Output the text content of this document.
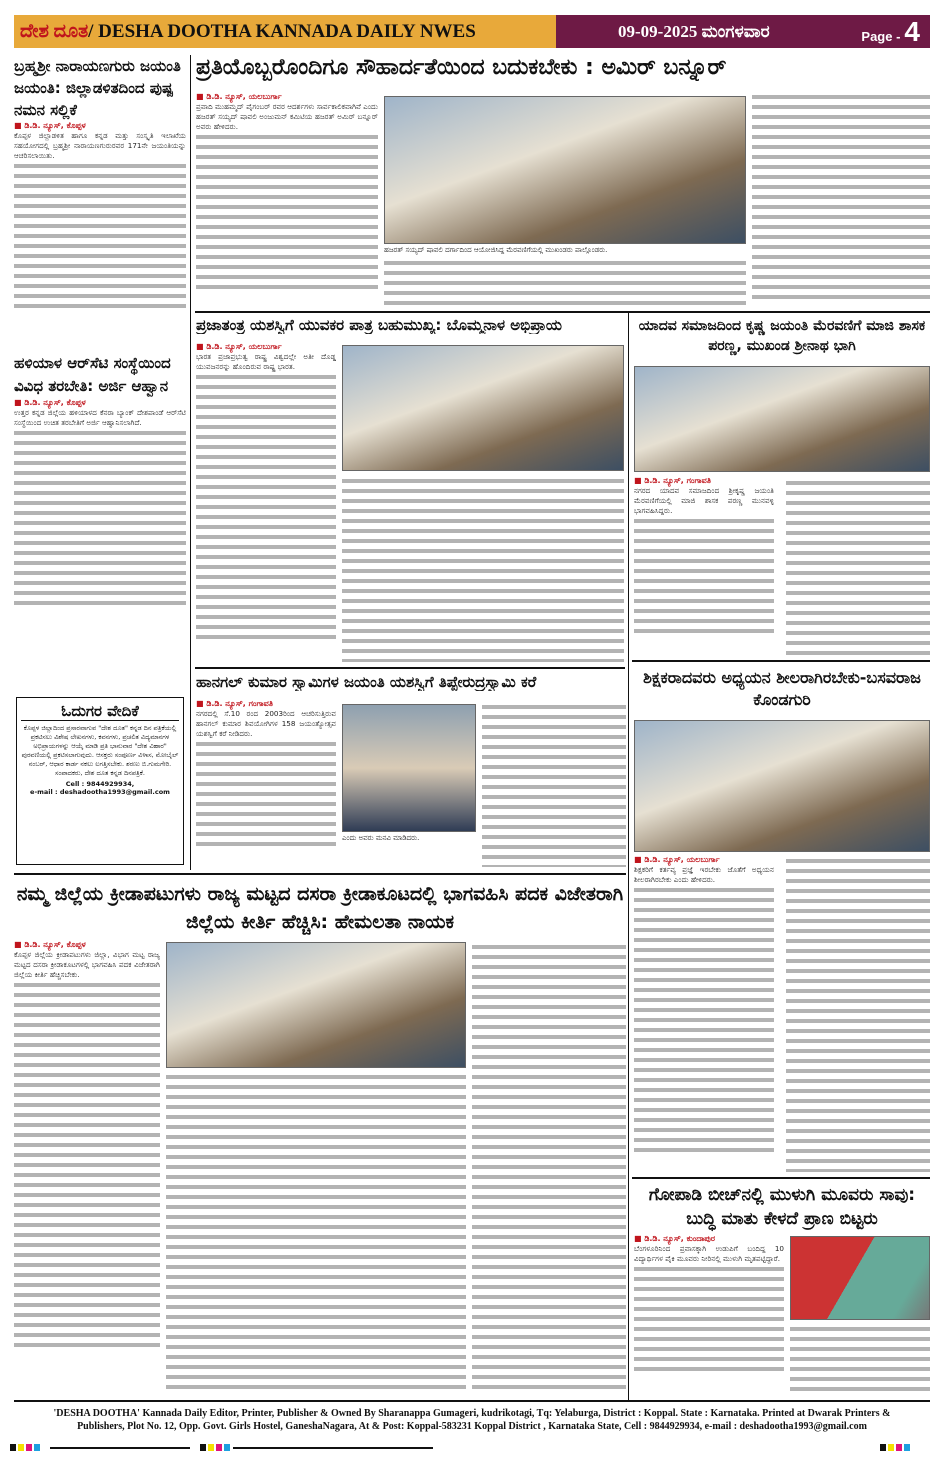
ದೇಶ ದೂತ / DESHA DOOTHA KANNADA DAILY NWES	09-09-2025 ಮಂಗಳವಾರ	Page - 4
ಬ್ರಹ್ಮಶ್ರೀ ನಾರಾಯಣಗುರು ಜಯಂತಿ ಜಯಂತಿ: ಜಿಲ್ಲಾಡಳಿತದಿಂದ ಪುಷ್ಪ ನಮನ ಸಲ್ಲಿಕೆ
■ ಡಿ.ಡಿ. ನ್ಯೂಸ್, ಕೊಪ್ಪಳ
ಕೊಪ್ಪಳ ಜಿಲ್ಲಾಡಳಿತ ಹಾಗೂ ಕನ್ನಡ ಮತ್ತು ಸಂಸ್ಕೃತಿ ಇಲಾಖೆಯ ಸಹಯೋಗದಲ್ಲಿ ಬ್ರಹ್ಮಶ್ರೀ ನಾರಾಯಣಗುರುರವರ 171ನೇ ಜಯಂತಿಯನ್ನು ಆಚರಿಸಲಾಯಿತು.
ಹಳಿಯಾಳ ಆರ್‌ಸೆಟಿ ಸಂಸ್ಥೆಯಿಂದ ವಿವಿಧ ತರಬೇತಿ: ಅರ್ಜಿ ಆಹ್ವಾನ
■ ಡಿ.ಡಿ. ನ್ಯೂಸ್, ಕೊಪ್ಪಳ
ಉತ್ತರ ಕನ್ನಡ ಜಿಲ್ಲೆಯ ಹಳಿಯಾಳದ ಕೆನರಾ ಬ್ಯಾಂಕ್ ದೇಶಪಾಂಡೆ ಆರ್‌ಸೆಟಿ ಸಂಸ್ಥೆಯಿಂದ ಉಚಿತ ತರಬೇತಿಗೆ ಅರ್ಜಿ ಆಹ್ವಾನಿಸಲಾಗಿದೆ.
ಓದುಗರ ವೇದಿಕೆ
ಕೊಪ್ಪಳ ಜಿಲ್ಲಾದಿಂದ ಪ್ರಸಾರವಾಗುವ "ದೇಶ ದೂತ" ಕನ್ನಡ ದಿನ ಪತ್ರಿಕೆಯಲ್ಲಿ ಪ್ರಕಟಿಸಲು ವಿಶೇಷ ಲೇಖನಗಳು, ಕವನಗಳು, ಪ್ರಚಲಿತ ವಿದ್ಯಮಾನಗಳ ಅಭಿಪ್ರಾಯಗಳನ್ನು ಆಯ್ಕೆ ಮಾಡಿ ಪ್ರತಿ ಭಾನುವಾರ "ದೇಶ ವಿಹಾರ" ಪುರವಣಿಯಲ್ಲಿ ಪ್ರಕಟಿಸಲಾಗುವುದು. ಆಸಕ್ತರು ಸಂಪೂರ್ಣ ವಿಳಾಸ, ಮೋಬೈಲ್ ನಂಬರ್, ಆಧಾರ ಕಾರ್ಡ ನಕಲು ಲಗತ್ತಿಸಬೇಕು. ಶರಣು ಬಿ.ಗುಮಗೇರಿ. ಸಂಪಾದಕರು, ದೇಶ ದೂತ ಕನ್ನಡ ದಿನಪತ್ರಿಕೆ.
Cell : 9844929934,
e-mail : deshadootha1993@gmail.com
ಪ್ರತಿಯೊಬ್ಬರೊಂದಿಗೂ ಸೌಹಾರ್ದತೆಯಿಂದ ಬದುಕಬೇಕು : ಅಮಿರ್ ಬನ್ನೂರ್
■ ಡಿ.ಡಿ. ನ್ಯೂಸ್, ಯಲಬುರ್ಗಾ
ಪ್ರವಾದಿ ಮುಹಮ್ಮದ್ ಪೈಗಂಬರ್ ರವರ ಆದರ್ಶಗಳು ಸಾರ್ವಕಾಲಿಕವಾಗಿವೆ ಎಂದು ಹಜರತ್ ಸಯ್ಯದ್ ಷಾವಲಿ ಅಂಜುಮನ್ ಕಮಿಟಿಯ ಹಜರತ್ ಅಮಿರ್ ಬನ್ನೂರ್ ಅವರು ಹೇಳಿದರು.
ಹಜರತ್ ಸಯ್ಯದ್ ಷಾವಲಿ ದರ್ಗಾದಿಂದ ಆಯೋಜಿಸಿದ್ದ ಮೆರವಣಿಗೆಯಲ್ಲಿ ಮುಖಂಡರು ಪಾಲ್ಗೊಂಡರು.
ಪ್ರಜಾತಂತ್ರ ಯಶಸ್ವಿಗೆ ಯುವಕರ ಪಾತ್ರ ಬಹುಮುಖ್ಯ: ಬೊಮ್ಮನಾಳ ಅಭಿಪ್ರಾಯ
■ ಡಿ.ಡಿ. ನ್ಯೂಸ್, ಯಲಬುರ್ಗಾ
ಭಾರತ ಪ್ರಜಾಪ್ರಭುತ್ವ ರಾಷ್ಟ್ರ ವಿಶ್ವದಲ್ಲೇ ಅತೀ ದೊಡ್ಡ ಯುವಜನರನ್ನು ಹೊಂದಿರುವ ರಾಷ್ಟ್ರ ಭಾರತ.
ಯಾದವ ಸಮಾಜದಿಂದ ಕೃಷ್ಣ ಜಯಂತಿ ಮೆರವಣಿಗೆ ಮಾಜಿ ಶಾಸಕ ಪರಣ್ಣ, ಮುಖಂಡ ಶ್ರೀನಾಥ ಭಾಗಿ
■ ಡಿ.ಡಿ. ನ್ಯೂಸ್, ಗಂಗಾವತಿ
ನಗರದ ಯಾದವ ಸಮಾಜದಿಂದ ಶ್ರೀಕೃಷ್ಣ ಜಯಂತಿ ಮೆರವಣಿಗೆಯಲ್ಲಿ ಮಾಜಿ ಶಾಸಕ ಪರಣ್ಣ ಮುನವಳ್ಳಿ ಭಾಗವಹಿಸಿದ್ದರು.
ಹಾನಗಲ್ ಕುಮಾರ ಸ್ವಾಮಿಗಳ ಜಯಂತಿ ಯಶಸ್ವಿಗೆ ತಿಪ್ಪೇರುದ್ರಸ್ವಾಮಿ ಕರೆ
■ ಡಿ.ಡಿ. ನ್ಯೂಸ್, ಗಂಗಾವತಿ
ನಗರದಲ್ಲಿ ಸೆ.10 ರಂದ 2003ರಿಂದ ಆಚರಿಸುತ್ತಿರುವ ಹಾನಗಲ್ ಕುಮಾರ ಶಿವಯೋಗಿಗಳ 158 ಜಯಂತ್ಯೋತ್ಸವ ಯಶಸ್ವಿಗೆ ಕರೆ ನೀಡಿದರು.
ಎಂದು ಅವರು ಮನವಿ ಮಾಡಿದರು.
ಶಿಕ್ಷಕರಾದವರು ಅಧ್ಯಯನ ಶೀಲರಾಗಿರಬೇಕು-ಬಸವರಾಜ ಕೊಂಡಗುರಿ
■ ಡಿ.ಡಿ. ನ್ಯೂಸ್, ಯಲಬುರ್ಗಾ
ಶಿಕ್ಷಕರಿಗೆ ಕರ್ತವ್ಯ ಪ್ರಜ್ಞೆ ಇರಬೇಕು ಜೊತೆಗೆ ಅಧ್ಯಯನ ಶೀಲರಾಗಿರಬೇಕು ಎಂದು ಹೇಳಿದರು.
ನಮ್ಮ ಜಿಲ್ಲೆಯ ಕ್ರೀಡಾಪಟುಗಳು ರಾಜ್ಯ ಮಟ್ಟದ ದಸರಾ ಕ್ರೀಡಾಕೂಟದಲ್ಲಿ ಭಾಗವಹಿಸಿ ಪದಕ ವಿಜೇತರಾಗಿ ಜಿಲ್ಲೆಯ ಕೀರ್ತಿ ಹೆಚ್ಚಿಸಿ: ಹೇಮಲತಾ ನಾಯಕ
■ ಡಿ.ಡಿ. ನ್ಯೂಸ್, ಕೊಪ್ಪಳ
ಕೊಪ್ಪಳ ಜಿಲ್ಲೆಯ ಕ್ರೀಡಾಪಟುಗಳು ಜಿಲ್ಲಾ, ವಿಭಾಗ ಮಟ್ಟ ರಾಜ್ಯ ಮಟ್ಟದ ದಸರಾ ಕ್ರೀಡಾಕೂಟಗಳಲ್ಲಿ ಭಾಗವಹಿಸಿ ಪದಕ ವಿಜೇತರಾಗಿ ಜಿಲ್ಲೆಯ ಕೀರ್ತಿ ಹೆಚ್ಚಿಸಬೇಕು.
ಗೋಪಾಡಿ ಬೀಚ್‌ನಲ್ಲಿ ಮುಳುಗಿ ಮೂವರು ಸಾವು: ಬುದ್ಧಿ ಮಾತು ಕೇಳದೆ ಪ್ರಾಣ ಬಿಟ್ಟರು
■ ಡಿ.ಡಿ. ನ್ಯೂಸ್, ಕುಂದಾಪುರ
ಬೆಂಗಳೂರಿನಿಂದ ಪ್ರವಾಸಕ್ಕಾಗಿ ಉಡುಪಿಗೆ ಬಂದಿದ್ದ 10 ವಿದ್ಯಾರ್ಥಿಗಳ ಪೈಕಿ ಮೂವರು ನೀರಿನಲ್ಲಿ ಮುಳುಗಿ ಮೃತಪಟ್ಟಿದ್ದಾರೆ.
'DESHA DOOTHA' Kannada Daily Editor, Printer, Publisher & Owned By Sharanappa Gumageri, kudrikotagi, Tq: Yelaburga, District : Koppal. State : Karnataka. Printed at Dwarak Printers &
Publishers, Plot No. 12, Opp. Govt. Girls Hostel, GaneshaNagara, At & Post: Koppal-583231 Koppal District , Karnataka State, Cell : 9844929934, e-mail : deshadootha1993@gmail.com
